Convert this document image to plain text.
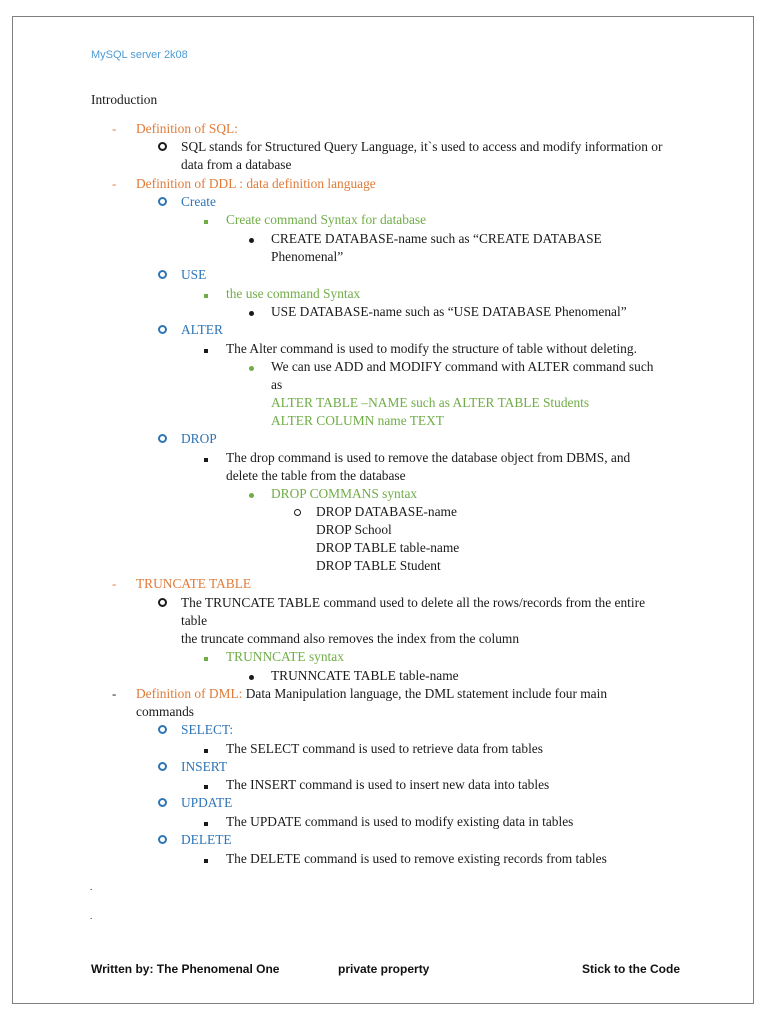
MySQL server 2k08
Introduction
- Definition of SQL:
SQL stands for Structured Query Language, it`s used to access and modify information or
data from a database
- Definition of DDL : data definition language
Create
Create command Syntax for database
CREATE DATABASE-name such as “CREATE DATABASE
Phenomenal”
USE
the use command Syntax
USE DATABASE-name such as “USE DATABASE Phenomenal”
ALTER
The Alter command is used to modify the structure of table without deleting.
We can use ADD and MODIFY command with ALTER command such
as
ALTER TABLE –NAME such as ALTER TABLE Students
ALTER COLUMN name TEXT
DROP
The drop command is used to remove the database object from DBMS, and
delete the table from the database
DROP COMMANS syntax
DROP DATABASE-name
DROP School
DROP TABLE table-name
DROP TABLE Student
- TRUNCATE TABLE
The TRUNCATE TABLE command used to delete all the rows/records from the entire
table
the truncate command also removes the index from the column
TRUNNCATE syntax
TRUNNCATE TABLE table-name
- Definition of DML: Data Manipulation language, the DML statement include four main
commands
SELECT:
The SELECT command is used to retrieve data from tables
INSERT
The INSERT command is used to insert new data into tables
UPDATE
The UPDATE command is used to modify existing data in tables
DELETE
The DELETE command is used to remove existing records from tables
.
.
Written by: The Phenomenal One	private property	Stick to the Code
